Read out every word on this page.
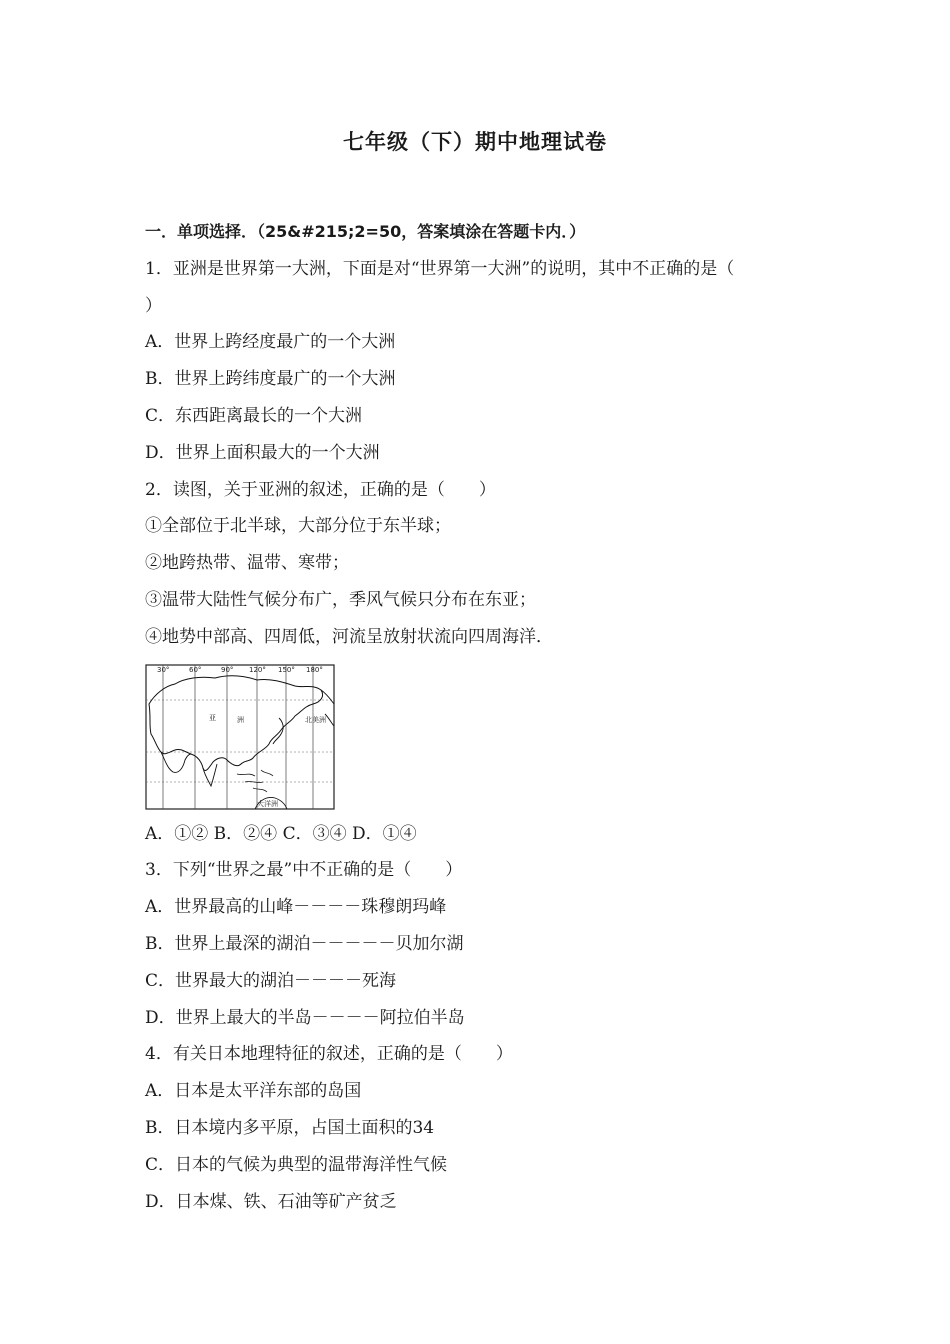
七年级（下）期中地理试卷
一．单项选择．（25&#215;2=50，答案填涂在答题卡内．）
1．亚洲是世界第一大洲，下面是对“世界第一大洲”的说明，其中不正确的是（
）
A．世界上跨经度最广的一个大洲
B．世界上跨纬度最广的一个大洲
C．东西距离最长的一个大洲
D．世界上面积最大的一个大洲
2．读图，关于亚洲的叙述，正确的是（　　）
①全部位于北半球，大部分位于东半球；
②地跨热带、温带、寒带；
③温带大陆性气候分布广，季风气候只分布在东亚；
④地势中部高、四周低，河流呈放射状流向四周海洋．
30°	60°	90° 120° 150° 180°
亚	洲	北美洲
大洋洲
A．①② B．②④ C．③④ D．①④
3．下列“世界之最”中不正确的是（　　）
A．世界最高的山峰－－－－珠穆朗玛峰
B．世界上最深的湖泊－－－－－贝加尔湖
C．世界最大的湖泊－－－－死海
D．世界上最大的半岛－－－－阿拉伯半岛
4．有关日本地理特征的叙述，正确的是（　　）
A．日本是太平洋东部的岛国
B．日本境内多平原，占国土面积的34
C．日本的气候为典型的温带海洋性气候
D．日本煤、铁、石油等矿产贫乏
